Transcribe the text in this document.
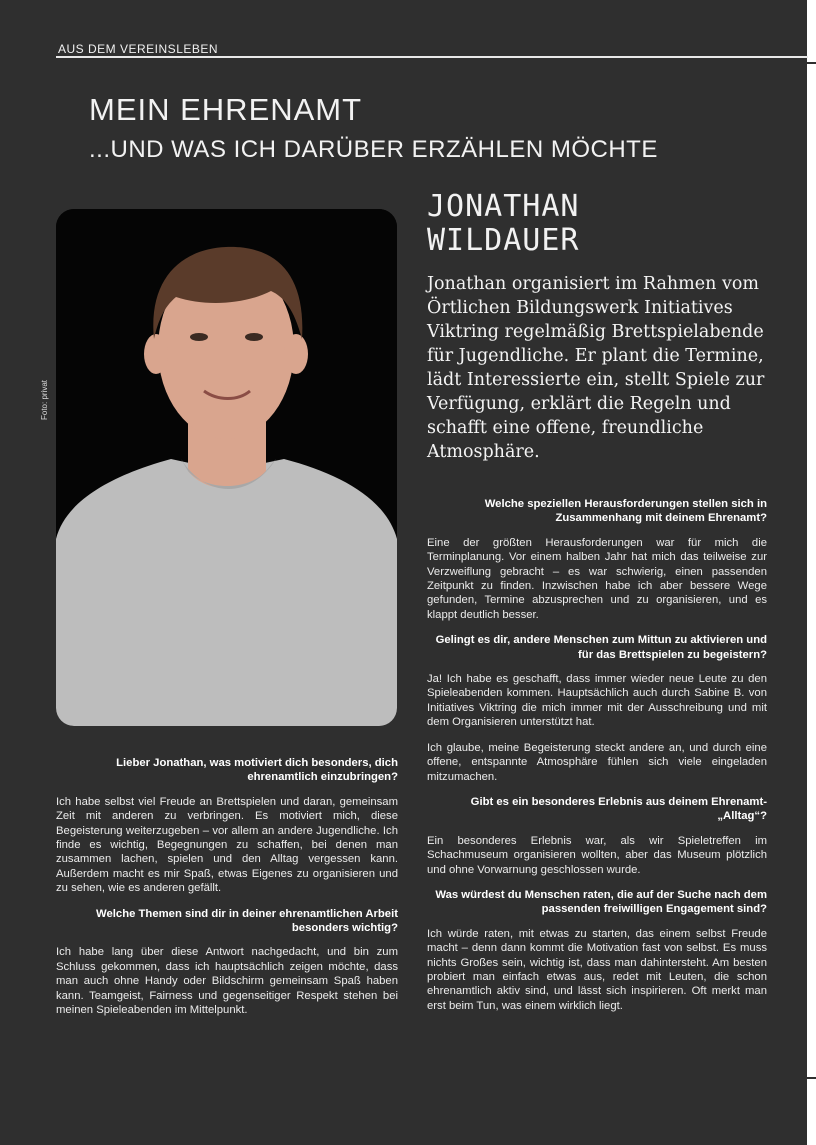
AUS DEM VEREINSLEBEN
MEIN EHRENAMT
...UND WAS ICH DARÜBER ERZÄHLEN MÖCHTE
Foto: privat
JONATHAN
WILDAUER

Jonathan organisiert im Rahmen vom Örtlichen Bildungswerk Initiatives Viktring regelmäßig Brettspielabende für Jugendliche. Er plant die Termine, lädt Interessierte ein, stellt Spiele zur Verfügung, erklärt die Regeln und schafft eine offene, freundliche Atmosphäre.

Lieber Jonathan, was motiviert dich besonders, dich ehrenamtlich einzubringen?

Ich habe selbst viel Freude an Brettspielen und daran, gemeinsam Zeit mit anderen zu verbringen. Es motiviert mich, diese Begeisterung weiterzugeben – vor allem an andere Jugendliche. Ich finde es wichtig, Begegnungen zu schaffen, bei denen man zusammen lachen, spielen und den Alltag vergessen kann. Außerdem macht es mir Spaß, etwas Eigenes zu organisieren und zu sehen, wie es anderen gefällt.

Welche Themen sind dir in deiner ehrenamtlichen Arbeit besonders wichtig?

Ich habe lang über diese Antwort nachgedacht, und bin zum Schluss gekommen, dass ich hauptsächlich zeigen möchte, dass man auch ohne Handy oder Bildschirm gemeinsam Spaß haben kann. Teamgeist, Fairness und gegenseitiger Respekt stehen bei meinen Spieleabenden im Mittelpunkt.

Welche speziellen Herausforderungen stellen sich in Zusammenhang mit deinem Ehrenamt?

Eine der größten Herausforderungen war für mich die Terminplanung. Vor einem halben Jahr hat mich das teilweise zur Verzweiflung gebracht – es war schwierig, einen passenden Zeitpunkt zu finden. Inzwischen habe ich aber bessere Wege gefunden, Termine abzusprechen und zu organisieren, und es klappt deutlich besser.

Gelingt es dir, andere Menschen zum Mittun zu aktivieren und für das Brettspielen zu begeistern?

Ja! Ich habe es geschafft, dass immer wieder neue Leute zu den Spieleabenden kommen. Hauptsächlich auch durch Sabine B. von Initiatives Viktring die mich immer mit der Ausschreibung und mit dem Organisieren unterstützt hat.

Ich glaube, meine Begeisterung steckt andere an, und durch eine offene, entspannte Atmosphäre fühlen sich viele eingeladen mitzumachen.

Gibt es ein besonderes Erlebnis aus deinem Ehrenamt-„Alltag“?

Ein besonderes Erlebnis war, als wir Spieletreffen im Schachmuseum organisieren wollten, aber das Museum plötzlich und ohne Vorwarnung geschlossen wurde.

Was würdest du Menschen raten, die auf der Suche nach dem passenden freiwilligen Engagement sind?

Ich würde raten, mit etwas zu starten, das einem selbst Freude macht – denn dann kommt die Motivation fast von selbst. Es muss nichts Großes sein, wichtig ist, dass man dahintersteht. Am besten probiert man einfach etwas aus, redet mit Leuten, die schon ehrenamtlich aktiv sind, und lässt sich inspirieren. Oft merkt man erst beim Tun, was einem wirklich liegt.
